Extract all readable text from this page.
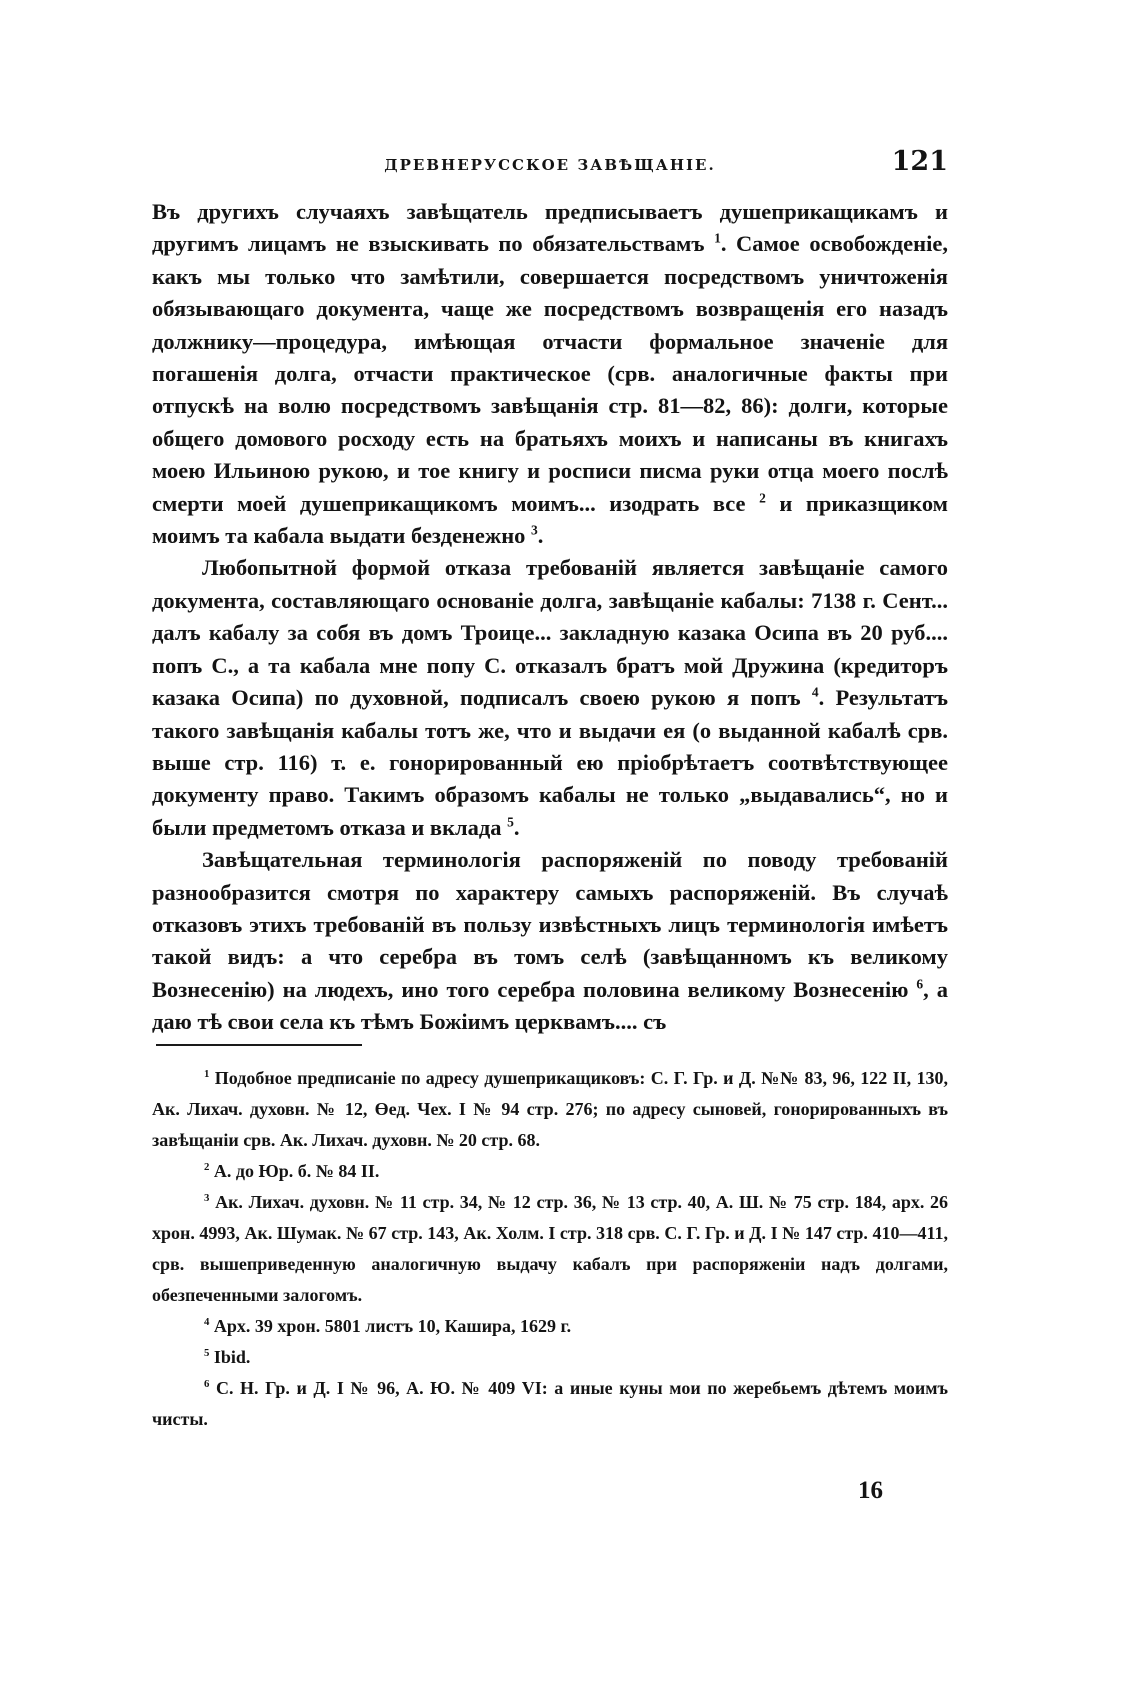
ДРЕВНЕРУССКОЕ ЗАВѢЩАНІЕ.	121

Въ другихъ случаяхъ завѣщатель предписываетъ душеприкащикамъ и другимъ лицамъ не взыскивать по обязательствамъ $^1$. Самое освобожденіе, какъ мы только что замѣтили, совершается посредствомъ уничтоженія обязывающаго документа, чаще же посредствомъ возвращенія его назадъ должнику—процедура, имѣющая отчасти формальное значеніе для погашенія долга, отчасти практическое (срв. аналогичные факты при отпускѣ на волю посредствомъ завѣщанія стр. 81—82, 86): долги, которые общего домового росходу есть на братьяхъ моихъ и написаны въ книгахъ моею Ильиною рукою, и тое книгу и росписи писма руки отца моего послѣ смерти моей душеприкащикомъ моимъ... изодрать все $^2$ и приказщиком моимъ та кабала выдати безденежно $^3$.

Любопытной формой отказа требованій является завѣщаніе самого документа, составляющаго основаніе долга, завѣщаніе кабалы: 7138 г. Сент... далъ кабалу за собя въ домъ Троице... закладную казака Осипа въ 20 руб.... попъ С., а та кабала мне попу С. отказалъ братъ мой Дружина (кредиторъ казака Осипа) по духовной, подписалъ своею рукою я попъ $^4$. Результатъ такого завѣщанія кабалы тотъ же, что и выдачи ея (о выданной кабалѣ срв. выше стр. 116) т. е. гонорированный ею пріобрѣтаетъ соотвѣтствующее документу право. Такимъ образомъ кабалы не только „выдавались“, но и были предметомъ отказа и вклада $^5$.

Завѣщательная терминологія распоряженій по поводу требованій разнообразится смотря по характеру самыхъ распоряженій. Въ случаѣ отказовъ этихъ требованій въ пользу извѣстныхъ лицъ терминологія имѣетъ такой видъ: а что серебра въ томъ селѣ (завѣщанномъ къ великому Вознесенію) на людехъ, ино того серебра половина великому Вознесенію $^6$, а даю тѣ свои села къ тѣмъ Божіимъ церквамъ.... съ

$^1$ Подобное предписаніе по адресу душеприкащиковъ: С. Г. Гр. и Д. №№ 83, 96, 122 II, 130, Ак. Лихач. духовн. № 12, Өед. Чех. I № 94 стр. 276; по адресу сыновей, гонорированныхъ въ завѣщаніи срв. Ак. Лихач. духовн. № 20 стр. 68.

$^2$ А. до Юр. б. № 84 II.

$^3$ Ак. Лихач. духовн. № 11 стр. 34, № 12 стр. 36, № 13 стр. 40, А. Ш. № 75 стр. 184, арх. 26 хрон. 4993, Ак. Шумак. № 67 стр. 143, Ак. Холм. I стр. 318 срв. С. Г. Гр. и Д. I № 147 стр. 410—411, срв. вышеприведенную аналогичную выдачу кабалъ при распоряженіи надъ долгами, обезпеченными залогомъ.

$^4$ Арх. 39 хрон. 5801 листъ 10, Кашира, 1629 г.

$^5$ Ibid.

$^6$ С. Н. Гр. и Д. I № 96, А. Ю. № 409 VI: а иные куны мои по жеребьемъ дѣтемъ моимъ чисты.

16
